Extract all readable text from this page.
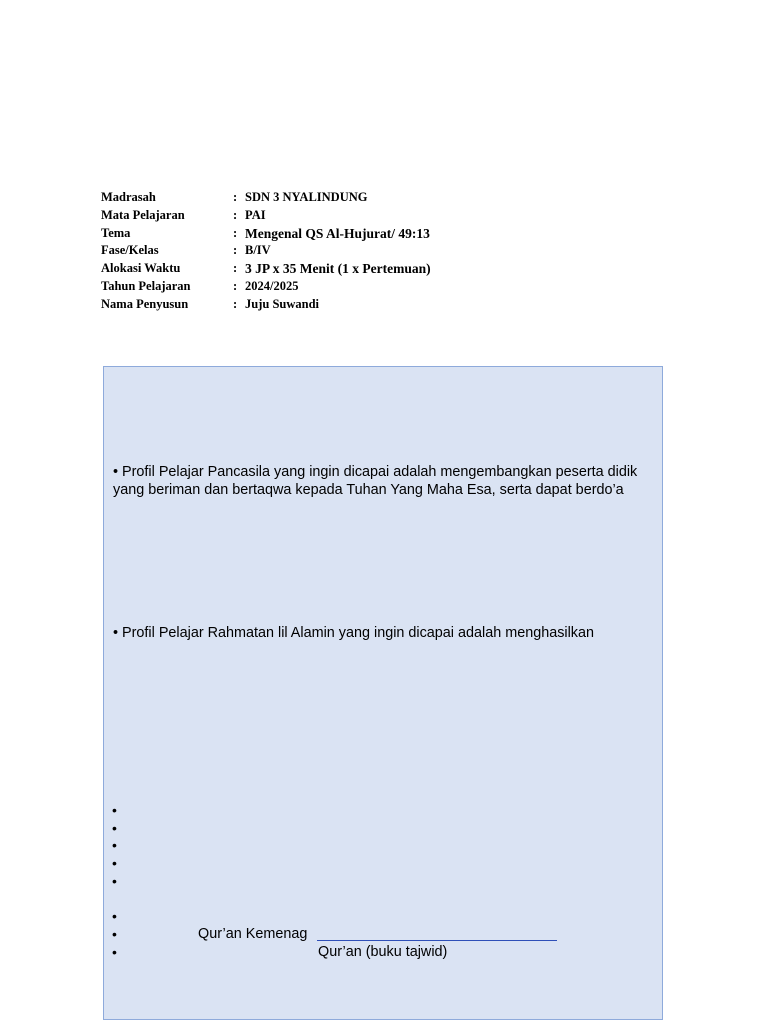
Madrasah	: SDN 3 NYALINDUNG
Mata Pelajaran	: PAI
Tema	: Mengenal QS Al-Hujurat/ 49:13
Fase/Kelas	: B/IV
Alokasi Waktu	: 3 JP x 35 Menit (1 x Pertemuan)
Tahun Pelajaran	: 2024/2025
Nama Penyusun	: Juju Suwandi
• Profil Pelajar Pancasila yang ingin dicapai adalah mengembangkan peserta didik yang beriman dan bertaqwa kepada Tuhan Yang Maha Esa, serta dapat berdo’a
• Profil Pelajar Rahmatan lil Alamin yang ingin dicapai adalah menghasilkan
•
•
•
•
•
•
•
•
Qur’an Kemenag
Qur’an (buku tajwid)
